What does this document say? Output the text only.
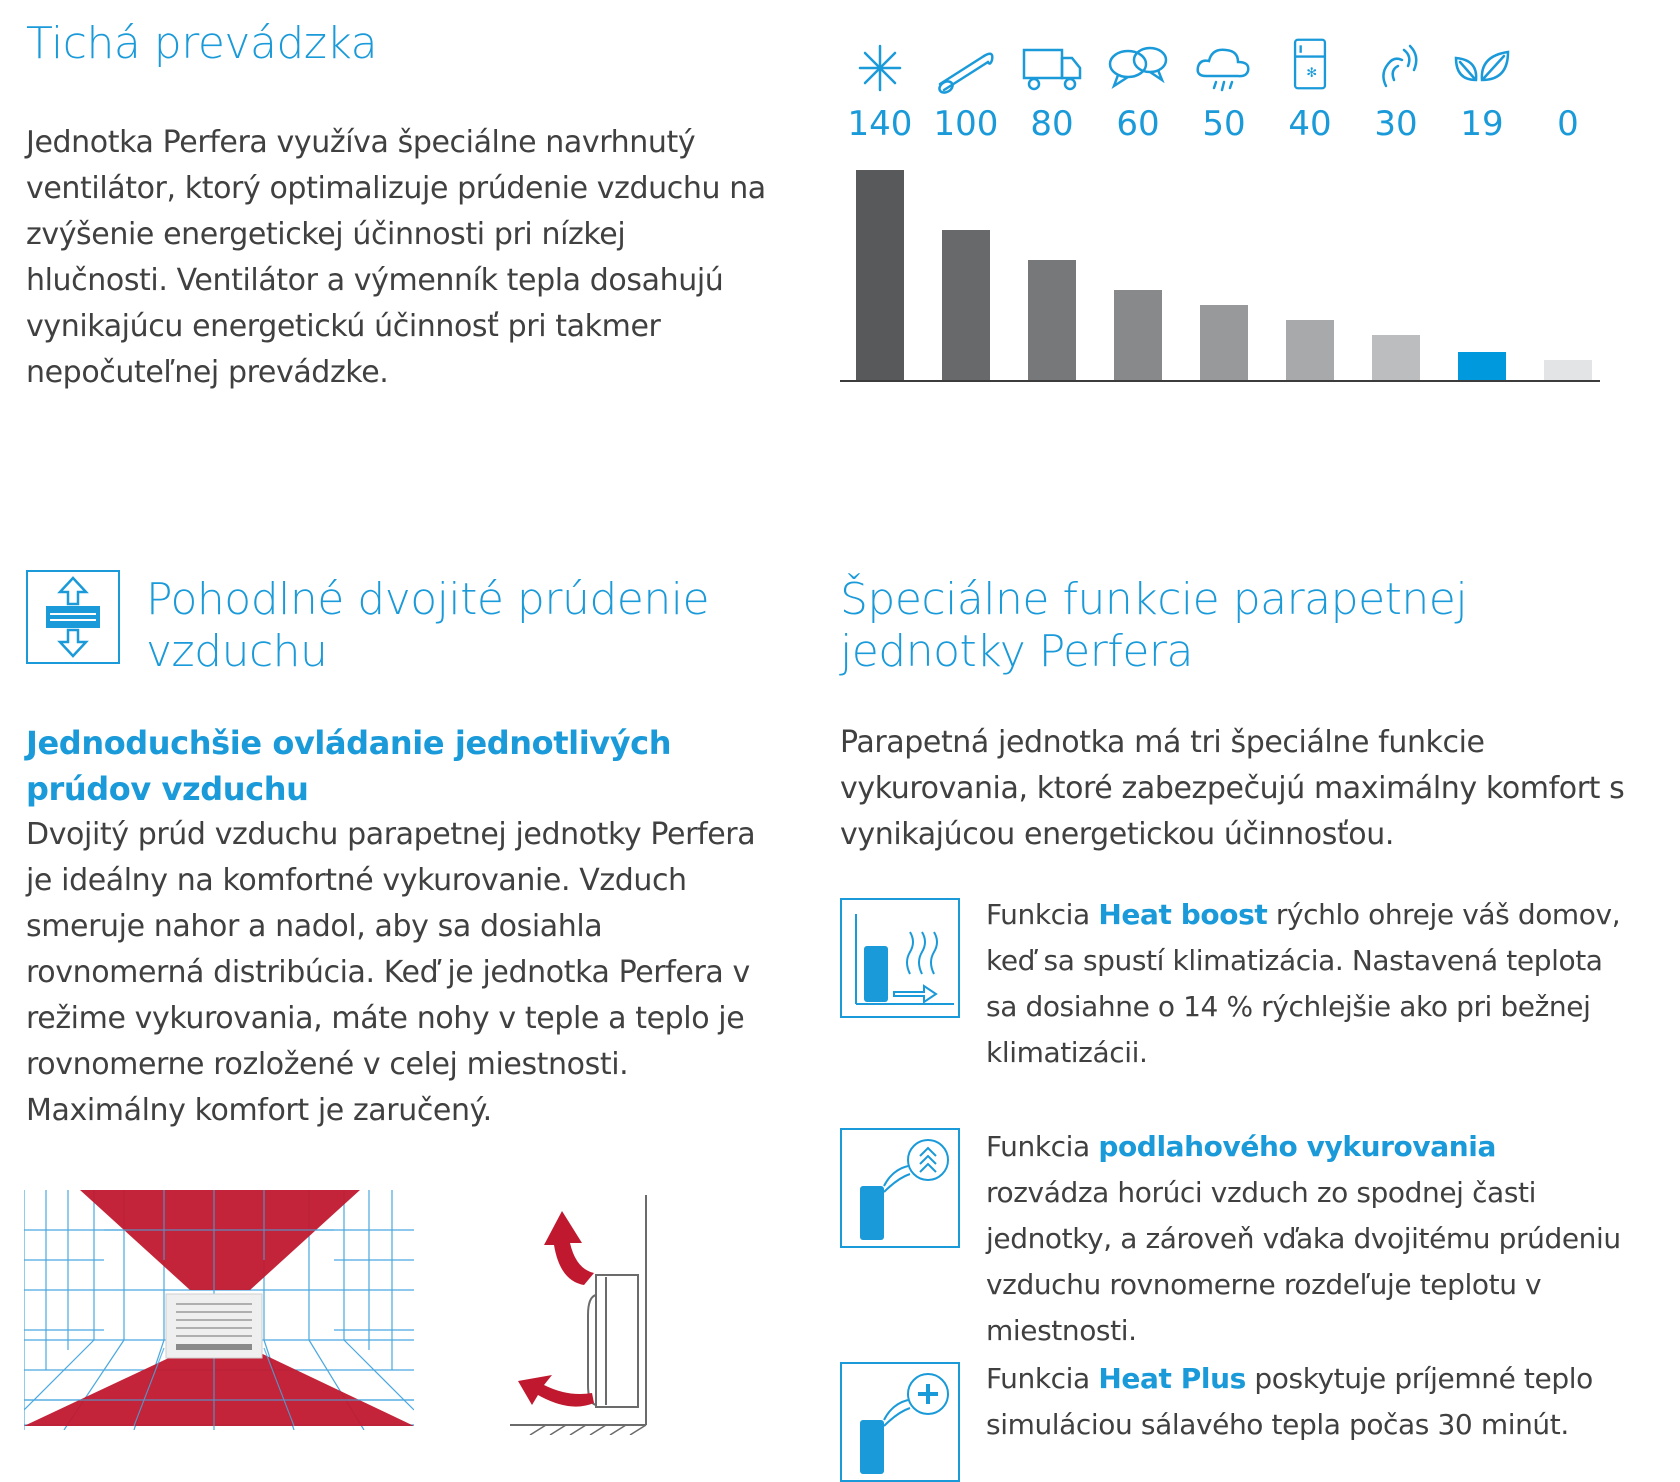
Tichá prevádzka

Jednotka Perfera využíva špeciálne navrhnutý ventilátor, ktorý optimalizuje prúdenie vzduchu na zvýšenie energetickej účinnosti pri nízkej hlučnosti. Ventilátor a výmenník tepla dosahujú vynikajúcu energetickú účinnosť pri takmer nepočuteľnej prevádzke.

✻
140 100 80	60	50	40	30	19	0
Pohodlné dvojité prúdenie vzduchu

Jednoduchšie ovládanie jednotlivých prúdov vzduchu

Dvojitý prúd vzduchu parapetnej jednotky Perfera je ideálny na komfortné vykurovanie. Vzduch smeruje nahor a nadol, aby sa dosiahla rovnomerná distribúcia. Keď je jednotka Perfera v režime vykurovania, máte nohy v teple a teplo je rovnomerne rozložené v celej miestnosti. Maximálny komfort je zaručený.

Špeciálne funkcie parapetnej jednotky Perfera

Parapetná jednotka má tri špeciálne funkcie vykurovania, ktoré zabezpečujú maximálny komfort s vynikajúcou energetickou účinnosťou.

Funkcia Heat boost rýchlo ohreje váš domov, keď sa spustí klimatizácia. Nastavená teplota sa dosiahne o 14 % rýchlejšie ako pri bežnej klimatizácii.

Funkcia podlahového vykurovania rozvádza horúci vzduch zo spodnej časti jednotky, a zároveň vďaka dvojitému prúdeniu vzduchu rovnomerne rozdeľuje teplotu v miestnosti.

Funkcia Heat Plus poskytuje príjemné teplo simuláciou sálavého tepla počas 30 minút.
